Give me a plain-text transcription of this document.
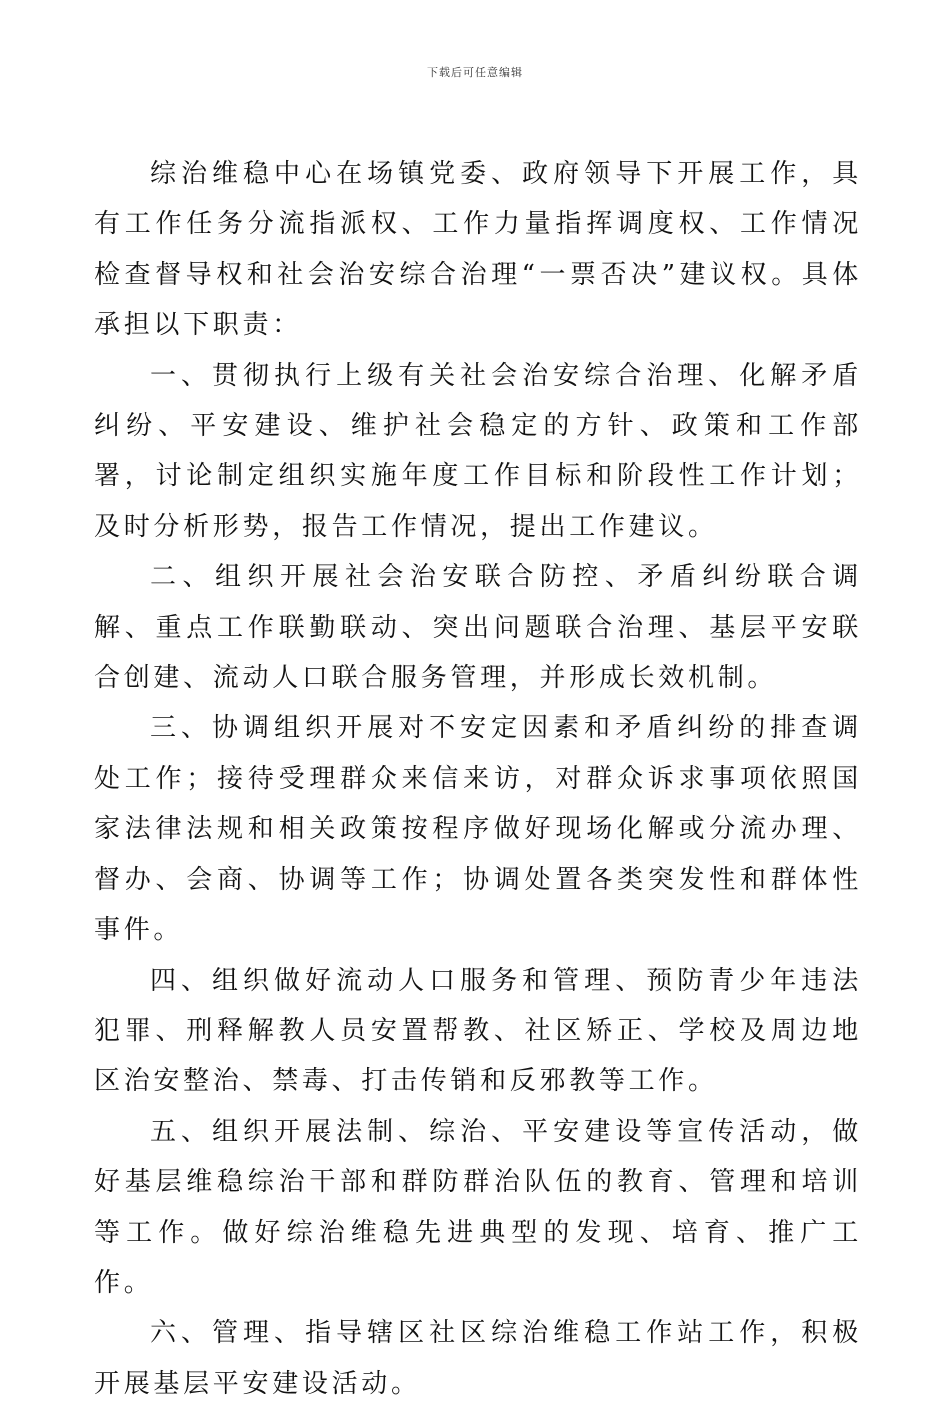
下载后可任意编辑

综治维稳中心在场镇党委、政府领导下开展工作，具有工作任务分流指派权、工作力量指挥调度权、工作情况检查督导权和社会治安综合治理“一票否决”建议权。具体承担以下职责：

一、贯彻执行上级有关社会治安综合治理、化解矛盾纠纷、平安建设、维护社会稳定的方针、政策和工作部署，讨论制定组织实施年度工作目标和阶段性工作计划；及时分析形势，报告工作情况，提出工作建议。

二、组织开展社会治安联合防控、矛盾纠纷联合调解、重点工作联勤联动、突出问题联合治理、基层平安联合创建、流动人口联合服务管理，并形成长效机制。

三、协调组织开展对不安定因素和矛盾纠纷的排查调处工作；接待受理群众来信来访，对群众诉求事项依照国家法律法规和相关政策按程序做好现场化解或分流办理、督办、会商、协调等工作；协调处置各类突发性和群体性事件。

四、组织做好流动人口服务和管理、预防青少年违法犯罪、刑释解教人员安置帮教、社区矫正、学校及周边地区治安整治、禁毒、打击传销和反邪教等工作。

五、组织开展法制、综治、平安建设等宣传活动，做好基层维稳综治干部和群防群治队伍的教育、管理和培训等工作。做好综治维稳先进典型的发现、培育、推广工作。

六、管理、指导辖区社区综治维稳工作站工作，积极开展基层平安建设活动。
